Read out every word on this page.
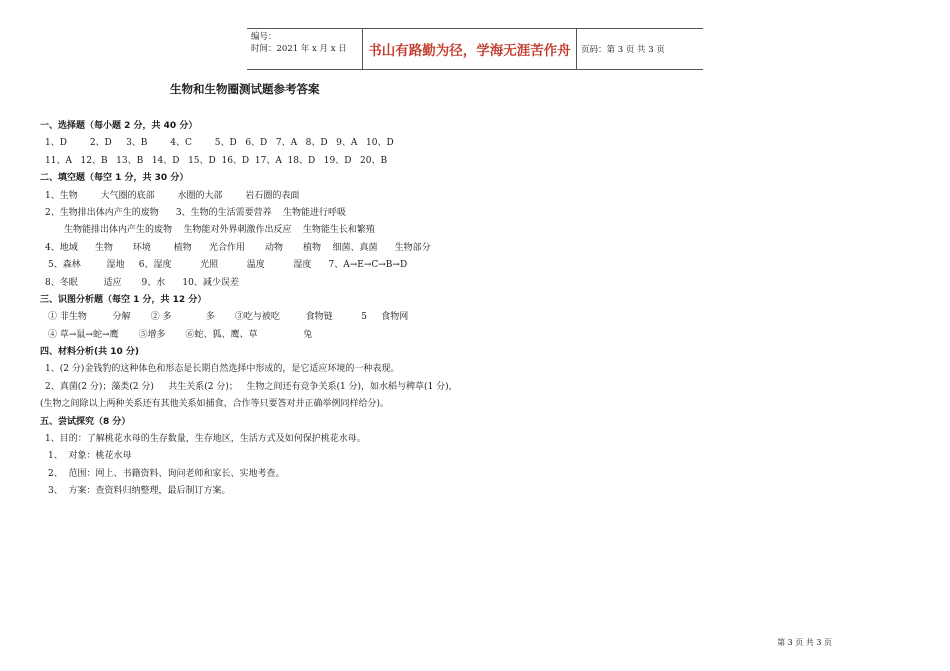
编号：
时间：2021 年 x 月 x 日	书山有路勤为径，学海无涯苦作舟	页码：第 3 页 共 3 页
生物和生物圈测试题参考答案
一、选择题（每小题 2 分，共 40 分）
1、D        2、D     3、B        4、C        5、D   6、D   7、A   8、D   9、A   10、D
11、A   12、B   13、B   14、D   15、D  16、D  17、A  18、D   19、D   20、B
二、填空题（每空 1 分，共 30 分）
1、生物        大气圈的底部        水圈的大部        岩石圈的表面
2、生物排出体内产生的废物      3、生物的生活需要营养    生物能进行呼吸
生物能排出体内产生的废物    生物能对外界刺激作出反应    生物能生长和繁殖
4、地域      生物       环境        植物      光合作用       动物       植物    细菌、真菌      生物部分
5、森林         湿地     6、湿度          光照          温度          湿度      7、A→E→C→B→D
8、冬眠         适应       9、水      10、减少误差
三、识图分析题（每空 1 分，共 12 分）
① 非生物         分解       ② 多            多       ③吃与被吃         食物链          5     食物网
④ 草→鼠→蛇→鹰       ⑤增多       ⑥蛇、狐、鹰、草                兔
四、材料分析(共 10 分)
1、(2 分)金钱豹的这种体色和形态是长期自然选择中形成的，是它适应环境的一种表现。
2、真菌(2 分)；藻类(2 分)     共生关系(2 分)；   生物之间还有竞争关系(1 分)，如水稻与稗草(1 分)，
(生物之间除以上两种关系还有其他关系如捕食、合作等只要答对并正确举例同样给分)。
五、尝试探究（8 分）
1、目的：了解桃花水母的生存数量，生存地区，生活方式及如何保护桃花水母。
1、  对象：桃花水母
2、  范围：网上、书籍资料、询问老师和家长、实地考查。
3、  方案：查资料归纳整理，最后制订方案。
第 3 页 共 3 页
